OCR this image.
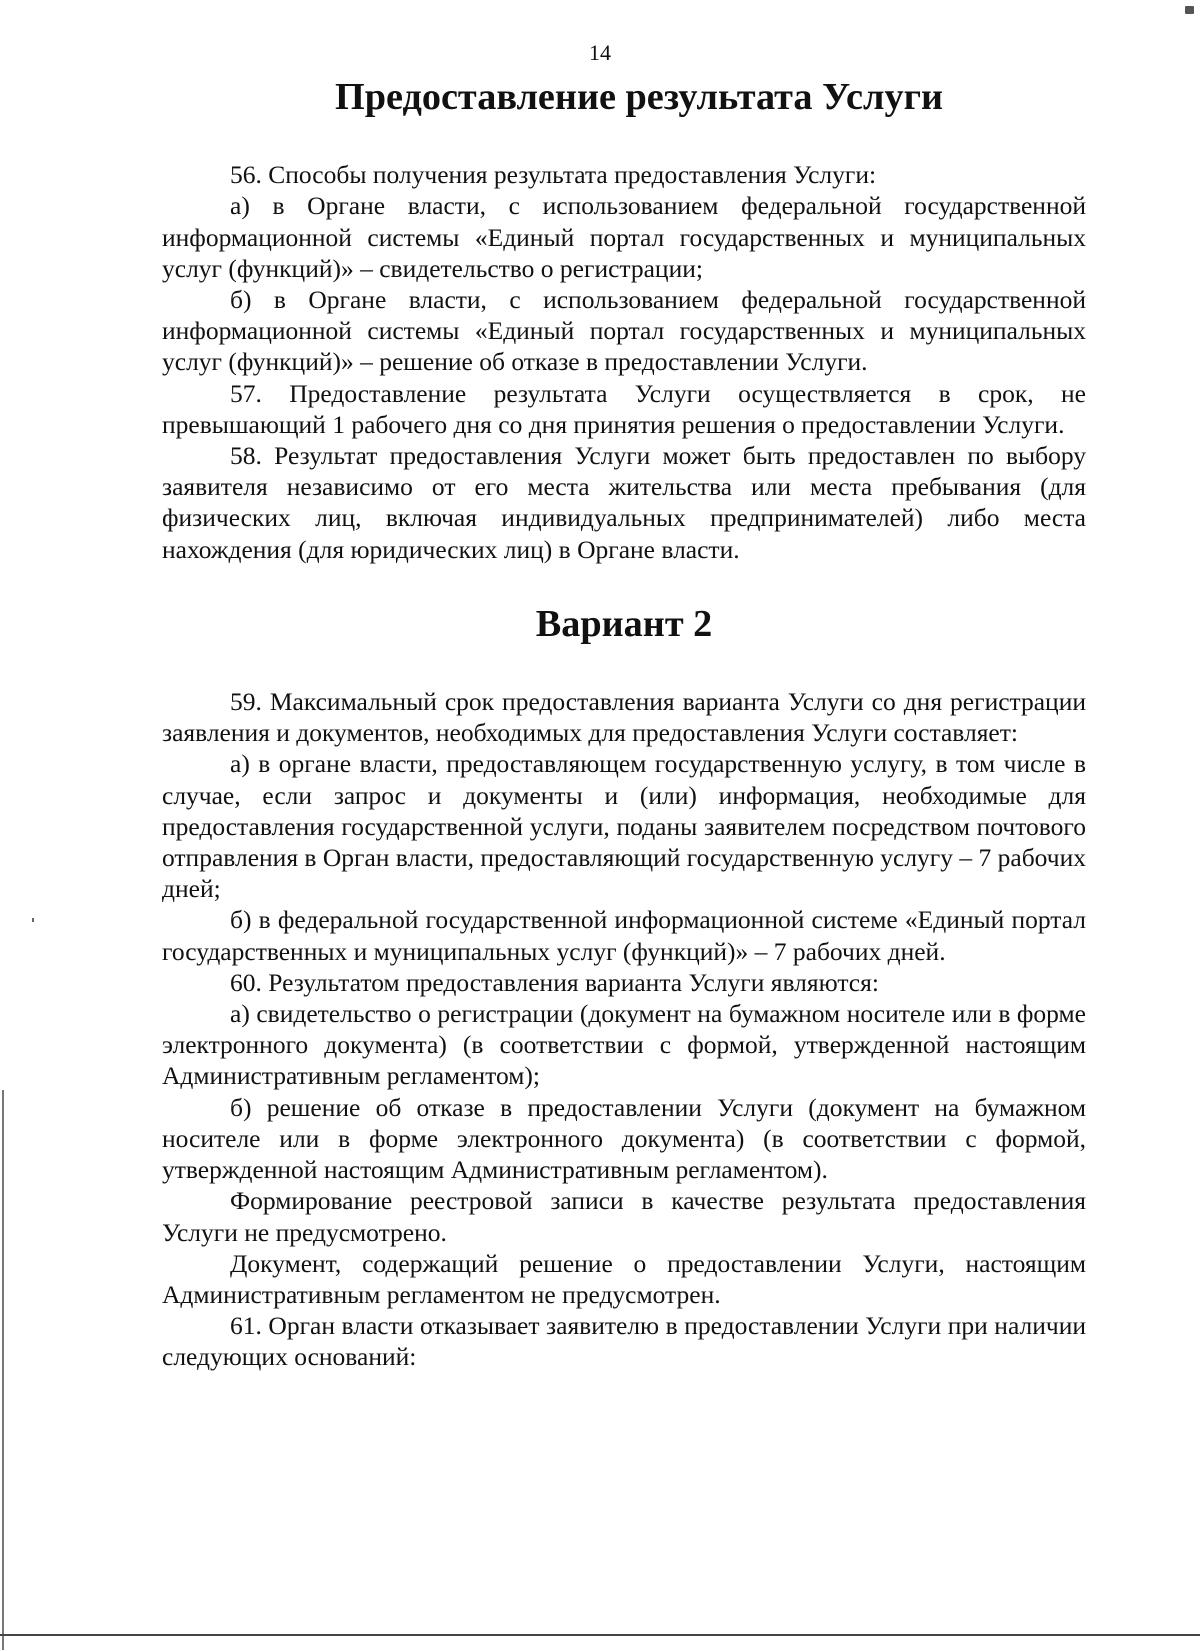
14
Предоставление результата Услуги

56. Способы получения результата предоставления Услуги:

а) в Органе власти, с использованием федеральной государственной информационной системы «Единый портал государственных и муниципальных услуг (функций)» – свидетельство о регистрации;

б) в Органе власти, с использованием федеральной государственной информационной системы «Единый портал государственных и муниципальных услуг (функций)» – решение об отказе в предоставлении Услуги.

57. Предоставление результата Услуги осуществляется в срок, не превышающий 1 рабочего дня со дня принятия решения о предоставлении Услуги.

58. Результат предоставления Услуги может быть предоставлен по выбору заявителя независимо от его места жительства или места пребывания (для физических лиц, включая индивидуальных предпринимателей) либо места нахождения (для юридических лиц) в Органе власти.

Вариант 2

59. Максимальный срок предоставления варианта Услуги со дня регистрации заявления и документов, необходимых для предоставления Услуги составляет:

а) в органе власти, предоставляющем государственную услугу, в том числе в случае, если запрос и документы и (или) информация, необходимые для предоставления государственной услуги, поданы заявителем посредством почтового отправления в Орган власти, предоставляющий государственную услугу – 7 рабочих дней;

б) в федеральной государственной информационной системе «Единый портал государственных и муниципальных услуг (функций)» – 7 рабочих дней.

60. Результатом предоставления варианта Услуги являются:

а) свидетельство о регистрации (документ на бумажном носителе или в форме электронного документа) (в соответствии с формой, утвержденной настоящим Административным регламентом);

б) решение об отказе в предоставлении Услуги (документ на бумажном носителе или в форме электронного документа) (в соответствии с формой, утвержденной настоящим Административным регламентом).

Формирование реестровой записи в качестве результата предоставления Услуги не предусмотрено.

Документ, содержащий решение о предоставлении Услуги, настоящим Административным регламентом не предусмотрен.

61. Орган власти отказывает заявителю в предоставлении Услуги при наличии следующих оснований:
